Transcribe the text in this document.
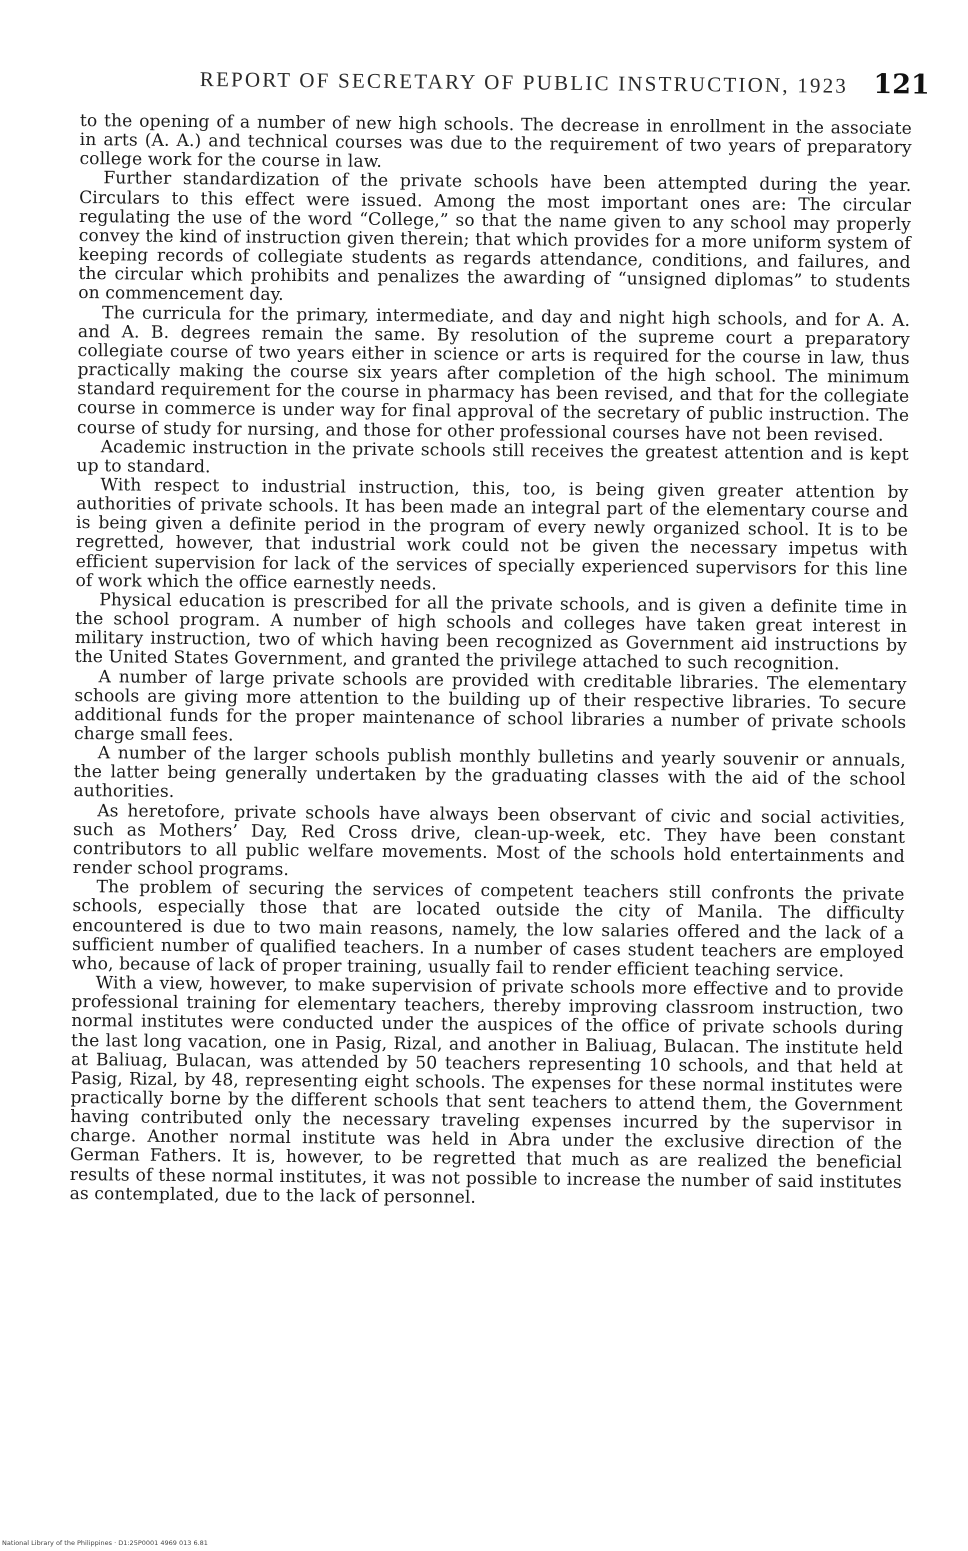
REPORT OF SECRETARY OF PUBLIC INSTRUCTION, 1923 121

to the opening of a number of new high schools. The decrease in enrollment in the associate in arts (A. A.) and technical courses was due to the requirement of two years of preparatory college work for the course in law.

Further standardization of the private schools have been attempted during the year. Circulars to this effect were issued. Among the most important ones are: The circular regulating the use of the word “College,” so that the name given to any school may properly convey the kind of instruction given therein; that which provides for a more uniform system of keeping records of collegiate students as regards attendance, conditions, and failures, and the circular which prohibits and penalizes the awarding of “unsigned diplomas” to students on commencement day.

The curricula for the primary, intermediate, and day and night high schools, and for A. A. and A. B. degrees remain the same. By resolution of the supreme court a preparatory collegiate course of two years either in science or arts is required for the course in law, thus practically making the course six years after completion of the high school. The minimum standard requirement for the course in pharmacy has been revised, and that for the collegiate course in commerce is under way for final approval of the secretary of public instruction. The course of study for nursing, and those for other professional courses have not been revised.

Academic instruction in the private schools still receives the greatest attention and is kept up to standard.

With respect to industrial instruction, this, too, is being given greater attention by authorities of private schools. It has been made an integral part of the elementary course and is being given a definite period in the program of every newly organized school. It is to be regretted, however, that industrial work could not be given the necessary impetus with efficient supervision for lack of the services of specially experienced supervisors for this line of work which the office earnestly needs.

Physical education is prescribed for all the private schools, and is given a definite time in the school program. A number of high schools and colleges have taken great interest in military instruction, two of which having been recognized as Government aid instructions by the United States Government, and granted the privilege attached to such recognition.

A number of large private schools are provided with creditable libraries. The elementary schools are giving more attention to the building up of their respective libraries. To secure additional funds for the proper maintenance of school libraries a number of private schools charge small fees.

A number of the larger schools publish monthly bulletins and yearly souvenir or annuals, the latter being generally undertaken by the graduating classes with the aid of the school authorities.

As heretofore, private schools have always been observant of civic and social activities, such as Mothers’ Day, Red Cross drive, clean-up-week, etc. They have been constant contributors to all public welfare movements. Most of the schools hold entertainments and render school programs.

The problem of securing the services of competent teachers still confronts the private schools, especially those that are located outside the city of Manila. The difficulty encountered is due to two main reasons, namely, the low salaries offered and the lack of a sufficient number of qualified teachers. In a number of cases student teachers are employed who, because of lack of proper training, usually fail to render efficient teaching service.

With a view, however, to make supervision of private schools more effective and to provide professional training for elementary teachers, thereby improving classroom instruction, two normal institutes were conducted under the auspices of the office of private schools during the last long vacation, one in Pasig, Rizal, and another in Baliuag, Bulacan. The institute held at Baliuag, Bulacan, was attended by 50 teachers representing 10 schools, and that held at Pasig, Rizal, by 48, representing eight schools. The expenses for these normal institutes were practically borne by the different schools that sent teachers to attend them, the Government having contributed only the necessary traveling expenses incurred by the supervisor in charge. Another normal institute was held in Abra under the exclusive direction of the German Fathers. It is, however, to be regretted that much as are realized the beneficial results of these normal institutes, it was not possible to increase the number of said institutes as contemplated, due to the lack of personnel.

National Library of the Philippines · D1:25P0001 4969 013 6.81
